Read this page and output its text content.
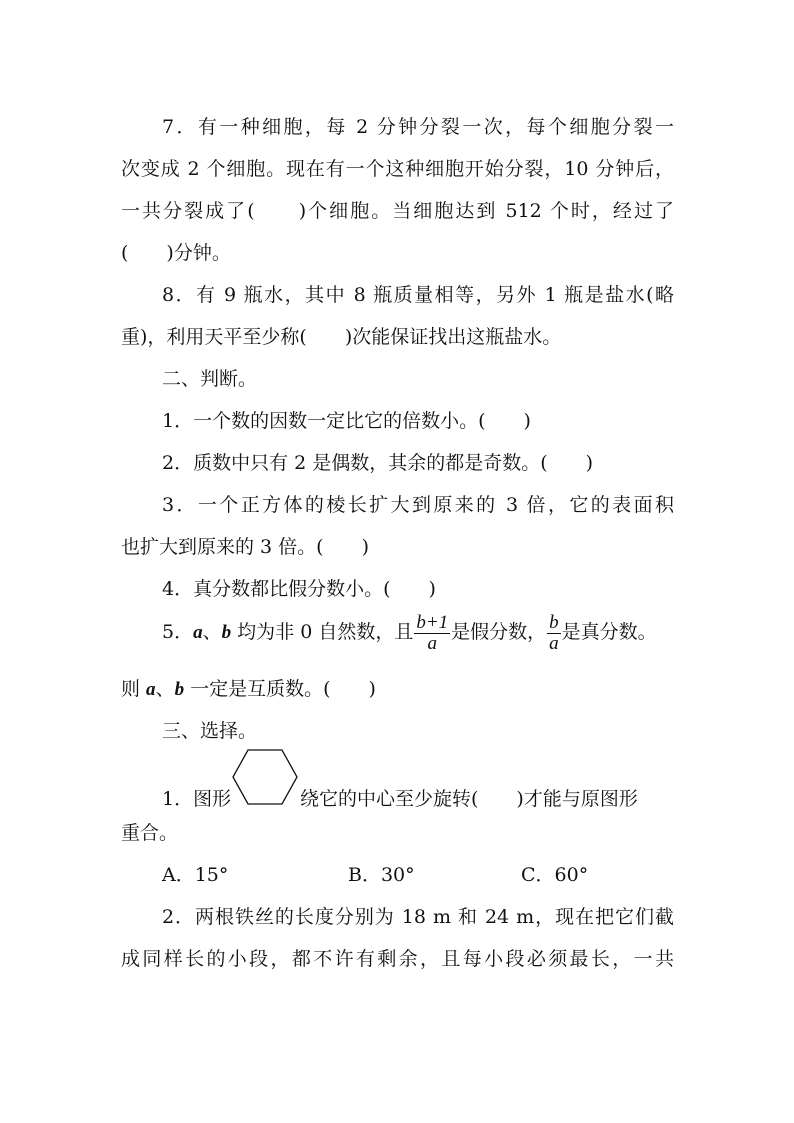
7．有一种细胞，每 2 分钟分裂一次，每个细胞分裂一
次变成 2 个细胞。现在有一个这种细胞开始分裂，10 分钟后，
一共分裂成了(　　)个细胞。当细胞达到 512 个时，经过了
(　　)分钟。
8．有 9 瓶水，其中 8 瓶质量相等，另外 1 瓶是盐水(略
重)，利用天平至少称(　　)次能保证找出这瓶盐水。
二、判断。
1．一个数的因数一定比它的倍数小。(　　)
2．质数中只有 2 是偶数，其余的都是奇数。(　　)
3．一个正方体的棱长扩大到原来的 3 倍，它的表面积
也扩大到原来的 3 倍。(　　)
4．真分数都比假分数小。(　　)
5．a、b 均为非 0 自然数，且 $\frac{b+1}{a}$ 是假分数， $\frac{b}{a}$ 是真分数。
则 a、b 一定是互质数。(　　)
三、选择。
1．图形	绕它的中心至少旋转(　　)才能与原图形
重合。
A．15°	B．30°	C．60°
2．两根铁丝的长度分别为 18 m 和 24 m，现在把它们截
成同样长的小段，都不许有剩余，且每小段必须最长，一共
